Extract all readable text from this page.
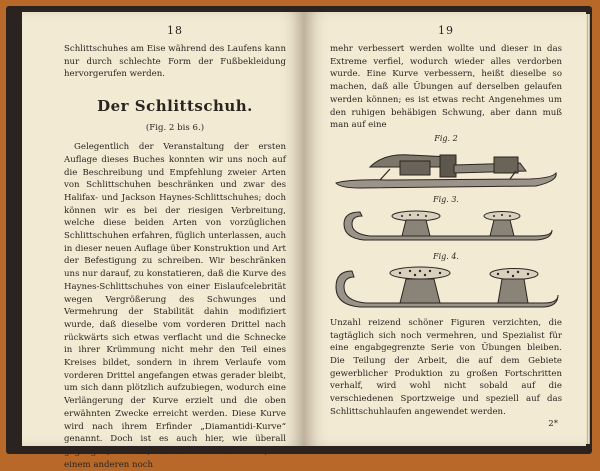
18

Schlittschuhes am Eise während des Laufens kann nur durch schlechte Form der Fußbekleidung hervorgerufen werden.

Der Schlittschuh.
(Fig. 2 bis 6.)

Gelegentlich der Veranstaltung der ersten Auflage dieses Buches konnten wir uns noch auf die Beschreibung und Empfehlung zweier Arten von Schlittschuhen beschränken und zwar des Halifax- und Jackson Haynes-Schlittschuhes; doch können wir es bei der riesigen Verbreitung, welche diese beiden Arten von vorzüglichen Schlittschuhen erfahren, füglich unterlassen, auch in dieser neuen Auflage über Konstruktion und Art der Befestigung zu schreiben. Wir beschränken uns nur darauf, zu konstatieren, daß die Kurve des Haynes-Schlittschuhes von einer Eislaufcelebrität wegen Vergrößerung des Schwunges und Vermehrung der Stabilität dahin modifiziert wurde, daß dieselbe vom vorderen Drittel nach rückwärts sich etwas verflacht und die Schnecke in ihrer Krümmung nicht mehr den Teil eines Kreises bildet, sondern in ihrem Verlaufe vom vorderen Drittel angefangen etwas gerader bleibt, um sich dann plötzlich aufzubiegen, wodurch eine Verlängerung der Kurve erzielt und die oben erwähnten Zwecke erreicht werden. Diese Kurve wird nach ihrem Erfinder „Diamantidi-Kurve“ genannt. Doch ist es auch hier, wie überall gegangen, daß das, was der eine verbesserte, von einem anderen noch

19

mehr verbessert werden wollte und dieser in das Extreme verfiel, wodurch wieder alles verdorben wurde. Eine Kurve verbessern, heißt dieselbe so machen, daß alle Übungen auf derselben gelaufen werden können; es ist etwas recht Angenehmes um den ruhigen behäbigen Schwung, aber dann muß man auf eine

Fig. 2
Fig. 3.
Fig. 4.

Unzahl reizend schöner Figuren verzichten, die tagtäglich sich noch vermehren, und Spezialist für eine engabgegrenzte Serie von Übungen bleiben. Die Teilung der Arbeit, die auf dem Gebiete gewerblicher Produktion zu großen Fortschritten verhalf, wird wohl nicht sobald auf die verschiedenen Sportzweige und speziell auf das Schlittschuhlaufen angewendet werden.

2*
